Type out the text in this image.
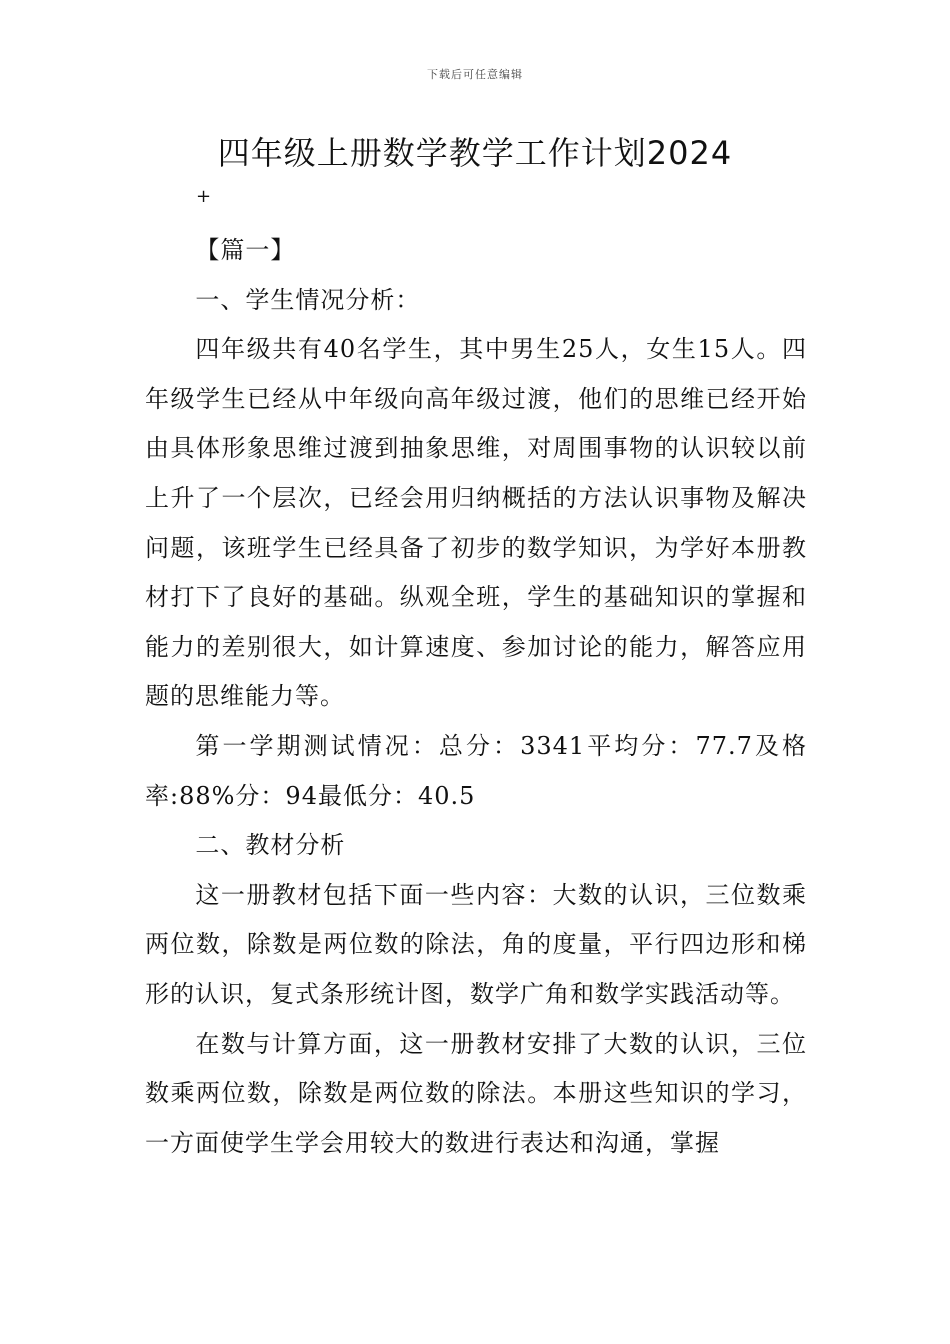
下载后可任意编辑
四年级上册数学教学工作计划2024
+

【篇一】

一、学生情况分析：

四年级共有40名学生，其中男生25人，女生15人。四年级学生已经从中年级向高年级过渡，他们的思维已经开始由具体形象思维过渡到抽象思维，对周围事物的认识较以前上升了一个层次，已经会用归纳概括的方法认识事物及解决问题，该班学生已经具备了初步的数学知识，为学好本册教材打下了良好的基础。纵观全班，学生的基础知识的掌握和能力的差别很大，如计算速度、参加讨论的能力，解答应用题的思维能力等。

第一学期测试情况：总分：3341平均分：77.7及格率:88%分：94最低分：40.5

二、教材分析

这一册教材包括下面一些内容：大数的认识，三位数乘两位数，除数是两位数的除法，角的度量，平行四边形和梯形的认识，复式条形统计图，数学广角和数学实践活动等。

在数与计算方面，这一册教材安排了大数的认识，三位数乘两位数，除数是两位数的除法。本册这些知识的学习，一方面使学生学会用较大的数进行表达和沟通，掌握
